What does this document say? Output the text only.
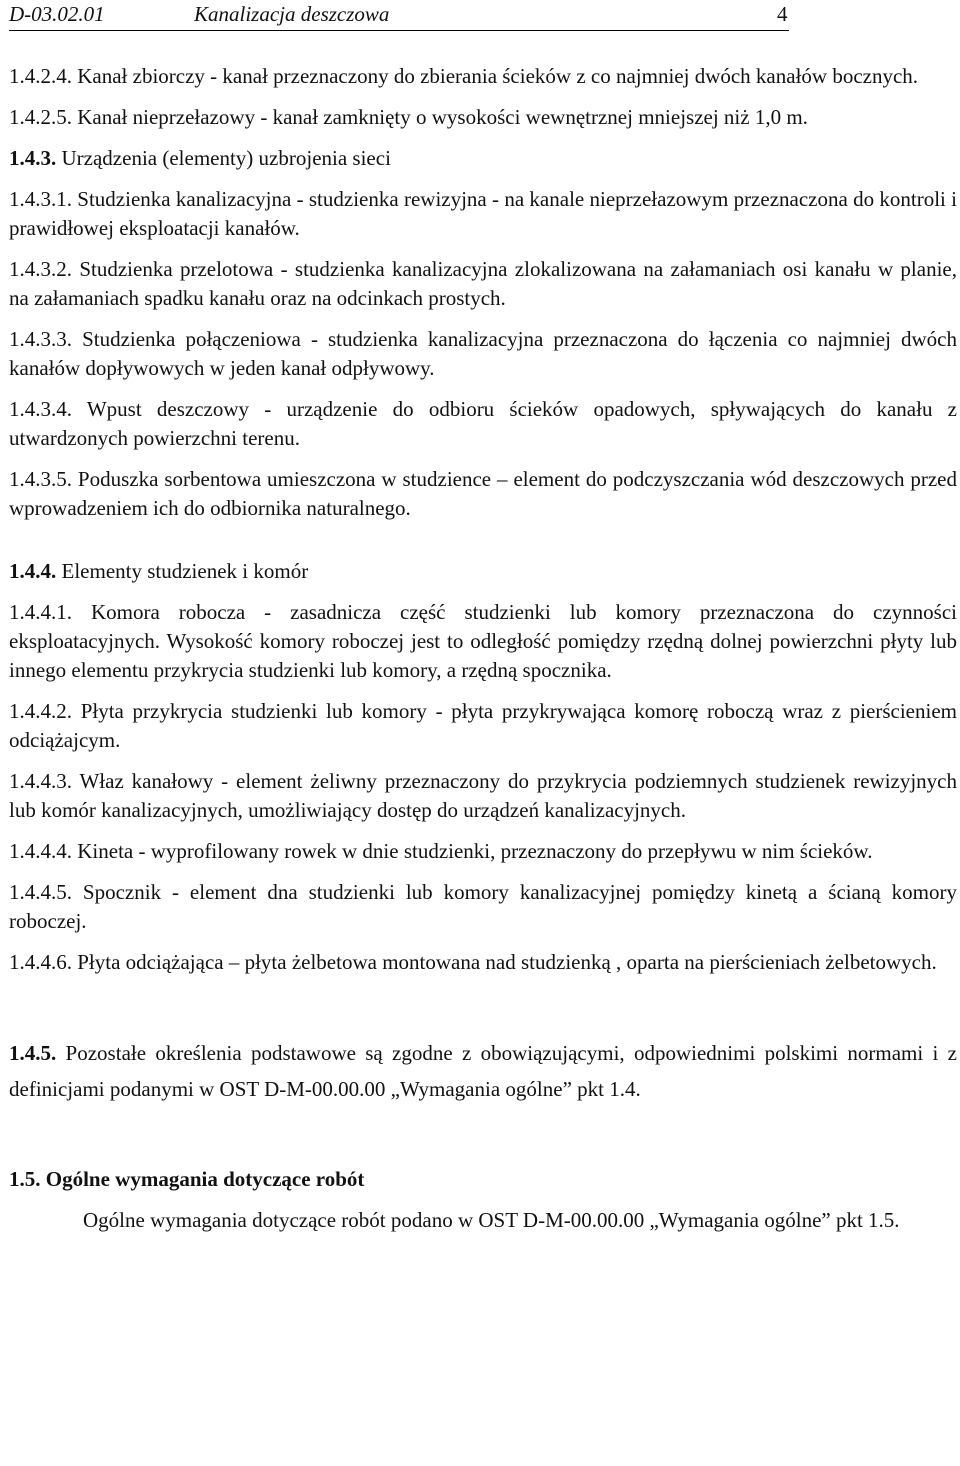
D-03.02.01	Kanalizacja deszczowa	4

1.4.2.4. Kanał zbiorczy - kanał przeznaczony do zbierania ścieków z co najmniej dwóch kanałów bocznych.

1.4.2.5. Kanał nieprzełazowy - kanał zamknięty o wysokości wewnętrznej mniejszej niż 1,0 m.

1.4.3. Urządzenia (elementy) uzbrojenia sieci

1.4.3.1. Studzienka kanalizacyjna - studzienka rewizyjna - na kanale nieprzełazowym przeznaczona do kontroli i prawidłowej eksploatacji kanałów.

1.4.3.2. Studzienka przelotowa - studzienka kanalizacyjna zlokalizowana na załamaniach osi kanału w planie, na załamaniach spadku kanału oraz na odcinkach prostych.

1.4.3.3. Studzienka połączeniowa - studzienka kanalizacyjna przeznaczona do łączenia co najmniej dwóch kanałów dopływowych w jeden kanał odpływowy.

1.4.3.4. Wpust deszczowy - urządzenie do odbioru ścieków opadowych, spływających do kanału z utwardzonych powierzchni terenu.

1.4.3.5. Poduszka sorbentowa umieszczona w studzience – element do podczyszczania wód deszczowych przed wprowadzeniem ich do odbiornika naturalnego.

1.4.4. Elementy studzienek i komór

1.4.4.1. Komora robocza - zasadnicza część studzienki lub komory przeznaczona do czynności eksploatacyjnych. Wysokość komory roboczej jest to odległość pomiędzy rzędną dolnej powierzchni płyty lub innego elementu przykrycia studzienki lub komory, a rzędną spocznika.

1.4.4.2. Płyta przykrycia studzienki lub komory - płyta przykrywająca komorę roboczą wraz z pierścieniem odciążajcym.

1.4.4.3. Właz kanałowy - element żeliwny przeznaczony do przykrycia podziemnych studzienek rewizyjnych lub komór kanalizacyjnych, umożliwiający dostęp do urządzeń kanalizacyjnych.

1.4.4.4. Kineta - wyprofilowany rowek w dnie studzienki, przeznaczony do przepływu w nim ścieków.

1.4.4.5. Spocznik - element dna studzienki lub komory kanalizacyjnej pomiędzy kinetą a ścianą komory roboczej.

1.4.4.6. Płyta odciążająca – płyta żelbetowa montowana nad studzienką , oparta na pierścieniach żelbetowych.

1.4.5. Pozostałe określenia podstawowe są zgodne z obowiązującymi, odpowiednimi polskimi normami i z definicjami podanymi w OST D-M-00.00.00 „Wymagania ogólne” pkt 1.4.

1.5. Ogólne wymagania dotyczące robót

Ogólne wymagania dotyczące robót podano w OST D-M-00.00.00 „Wymagania ogólne” pkt 1.5.
